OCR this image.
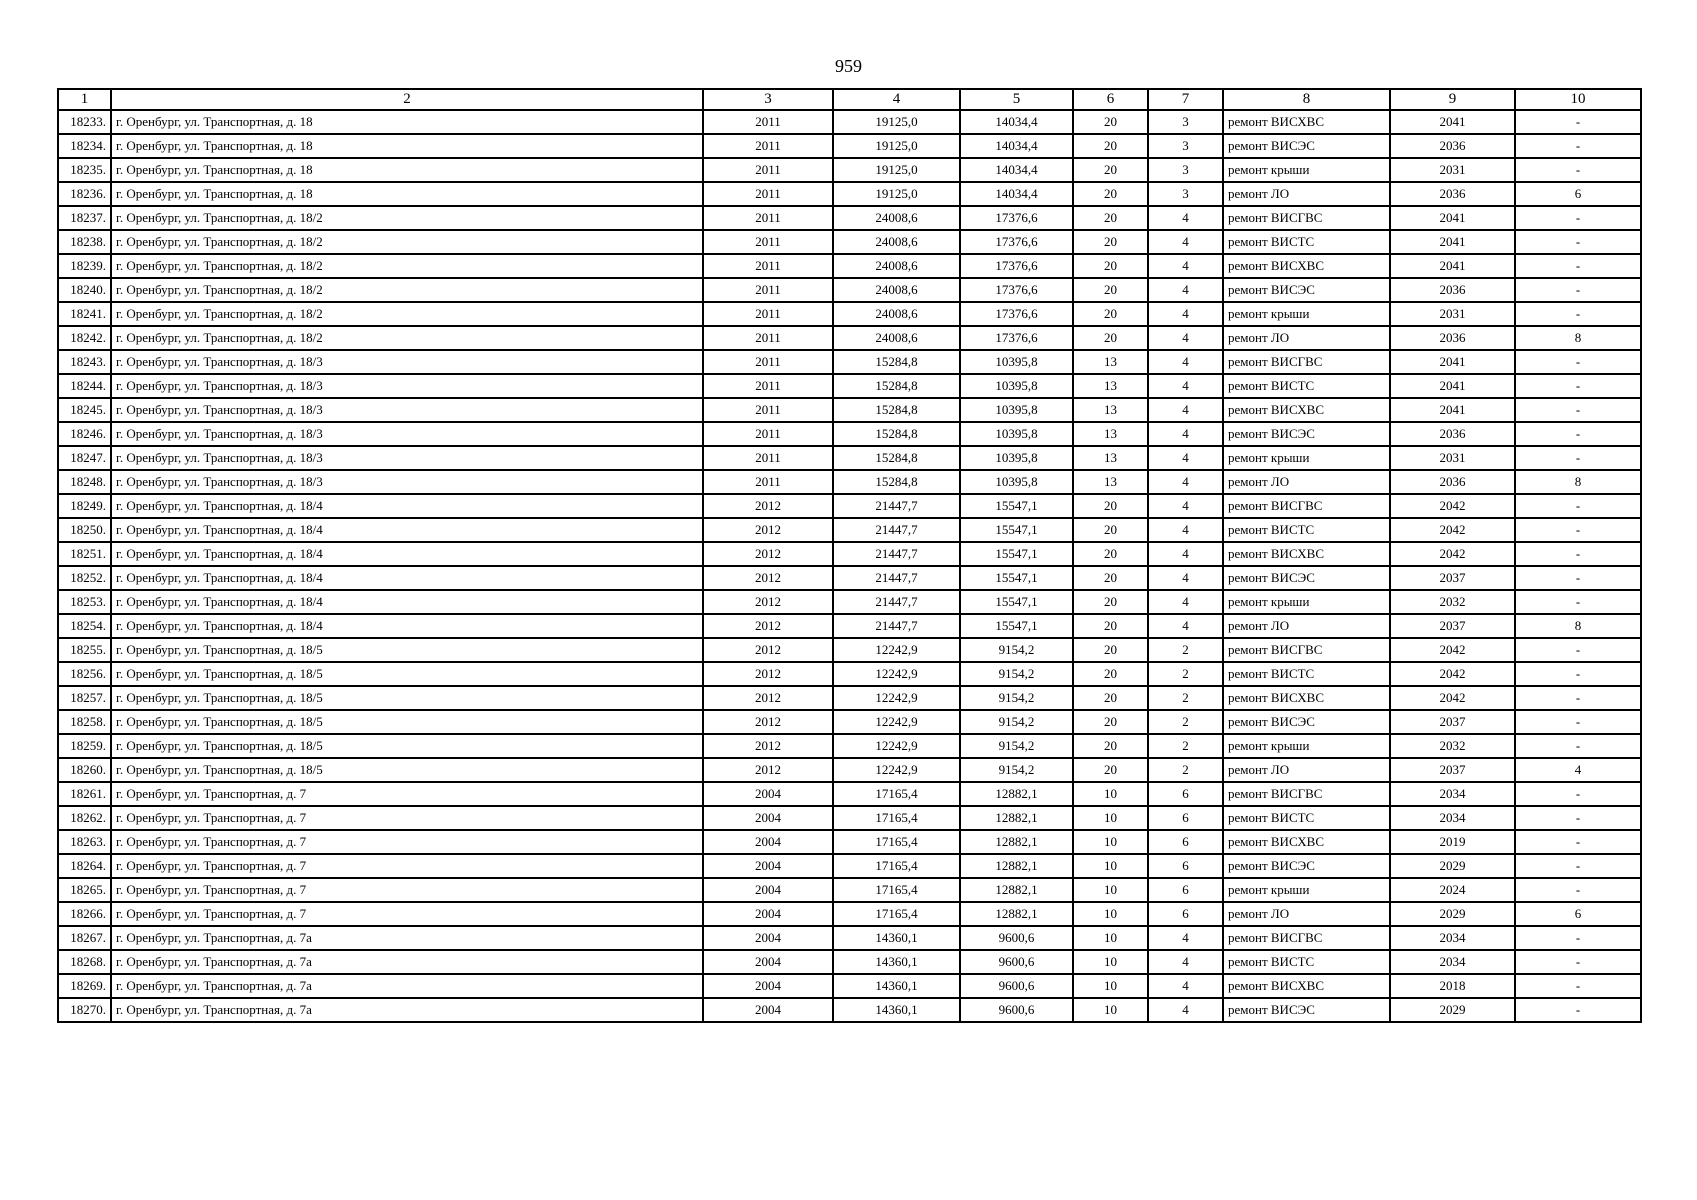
959
1	2	3	4	5	6	7	8	9	10
18233.	г. Оренбург, ул. Транспортная, д. 18	2011	19125,0	14034,4	20	3	ремонт ВИСХВС	2041	-
18234.	г. Оренбург, ул. Транспортная, д. 18	2011	19125,0	14034,4	20	3	ремонт ВИСЭС	2036	-
18235.	г. Оренбург, ул. Транспортная, д. 18	2011	19125,0	14034,4	20	3	ремонт крыши	2031	-
18236.	г. Оренбург, ул. Транспортная, д. 18	2011	19125,0	14034,4	20	3	ремонт ЛО	2036	6
18237.	г. Оренбург, ул. Транспортная, д. 18/2	2011	24008,6	17376,6	20	4	ремонт ВИСГВС	2041	-
18238.	г. Оренбург, ул. Транспортная, д. 18/2	2011	24008,6	17376,6	20	4	ремонт ВИСТС	2041	-
18239.	г. Оренбург, ул. Транспортная, д. 18/2	2011	24008,6	17376,6	20	4	ремонт ВИСХВС	2041	-
18240.	г. Оренбург, ул. Транспортная, д. 18/2	2011	24008,6	17376,6	20	4	ремонт ВИСЭС	2036	-
18241.	г. Оренбург, ул. Транспортная, д. 18/2	2011	24008,6	17376,6	20	4	ремонт крыши	2031	-
18242.	г. Оренбург, ул. Транспортная, д. 18/2	2011	24008,6	17376,6	20	4	ремонт ЛО	2036	8
18243.	г. Оренбург, ул. Транспортная, д. 18/3	2011	15284,8	10395,8	13	4	ремонт ВИСГВС	2041	-
18244.	г. Оренбург, ул. Транспортная, д. 18/3	2011	15284,8	10395,8	13	4	ремонт ВИСТС	2041	-
18245.	г. Оренбург, ул. Транспортная, д. 18/3	2011	15284,8	10395,8	13	4	ремонт ВИСХВС	2041	-
18246.	г. Оренбург, ул. Транспортная, д. 18/3	2011	15284,8	10395,8	13	4	ремонт ВИСЭС	2036	-
18247.	г. Оренбург, ул. Транспортная, д. 18/3	2011	15284,8	10395,8	13	4	ремонт крыши	2031	-
18248.	г. Оренбург, ул. Транспортная, д. 18/3	2011	15284,8	10395,8	13	4	ремонт ЛО	2036	8
18249.	г. Оренбург, ул. Транспортная, д. 18/4	2012	21447,7	15547,1	20	4	ремонт ВИСГВС	2042	-
18250.	г. Оренбург, ул. Транспортная, д. 18/4	2012	21447,7	15547,1	20	4	ремонт ВИСТС	2042	-
18251.	г. Оренбург, ул. Транспортная, д. 18/4	2012	21447,7	15547,1	20	4	ремонт ВИСХВС	2042	-
18252.	г. Оренбург, ул. Транспортная, д. 18/4	2012	21447,7	15547,1	20	4	ремонт ВИСЭС	2037	-
18253.	г. Оренбург, ул. Транспортная, д. 18/4	2012	21447,7	15547,1	20	4	ремонт крыши	2032	-
18254.	г. Оренбург, ул. Транспортная, д. 18/4	2012	21447,7	15547,1	20	4	ремонт ЛО	2037	8
18255.	г. Оренбург, ул. Транспортная, д. 18/5	2012	12242,9	9154,2	20	2	ремонт ВИСГВС	2042	-
18256.	г. Оренбург, ул. Транспортная, д. 18/5	2012	12242,9	9154,2	20	2	ремонт ВИСТС	2042	-
18257.	г. Оренбург, ул. Транспортная, д. 18/5	2012	12242,9	9154,2	20	2	ремонт ВИСХВС	2042	-
18258.	г. Оренбург, ул. Транспортная, д. 18/5	2012	12242,9	9154,2	20	2	ремонт ВИСЭС	2037	-
18259.	г. Оренбург, ул. Транспортная, д. 18/5	2012	12242,9	9154,2	20	2	ремонт крыши	2032	-
18260.	г. Оренбург, ул. Транспортная, д. 18/5	2012	12242,9	9154,2	20	2	ремонт ЛО	2037	4
18261.	г. Оренбург, ул. Транспортная, д. 7	2004	17165,4	12882,1	10	6	ремонт ВИСГВС	2034	-
18262.	г. Оренбург, ул. Транспортная, д. 7	2004	17165,4	12882,1	10	6	ремонт ВИСТС	2034	-
18263.	г. Оренбург, ул. Транспортная, д. 7	2004	17165,4	12882,1	10	6	ремонт ВИСХВС	2019	-
18264.	г. Оренбург, ул. Транспортная, д. 7	2004	17165,4	12882,1	10	6	ремонт ВИСЭС	2029	-
18265.	г. Оренбург, ул. Транспортная, д. 7	2004	17165,4	12882,1	10	6	ремонт крыши	2024	-
18266.	г. Оренбург, ул. Транспортная, д. 7	2004	17165,4	12882,1	10	6	ремонт ЛО	2029	6
18267.	г. Оренбург, ул. Транспортная, д. 7а	2004	14360,1	9600,6	10	4	ремонт ВИСГВС	2034	-
18268.	г. Оренбург, ул. Транспортная, д. 7а	2004	14360,1	9600,6	10	4	ремонт ВИСТС	2034	-
18269.	г. Оренбург, ул. Транспортная, д. 7а	2004	14360,1	9600,6	10	4	ремонт ВИСХВС	2018	-
18270.	г. Оренбург, ул. Транспортная, д. 7а	2004	14360,1	9600,6	10	4	ремонт ВИСЭС	2029	-
